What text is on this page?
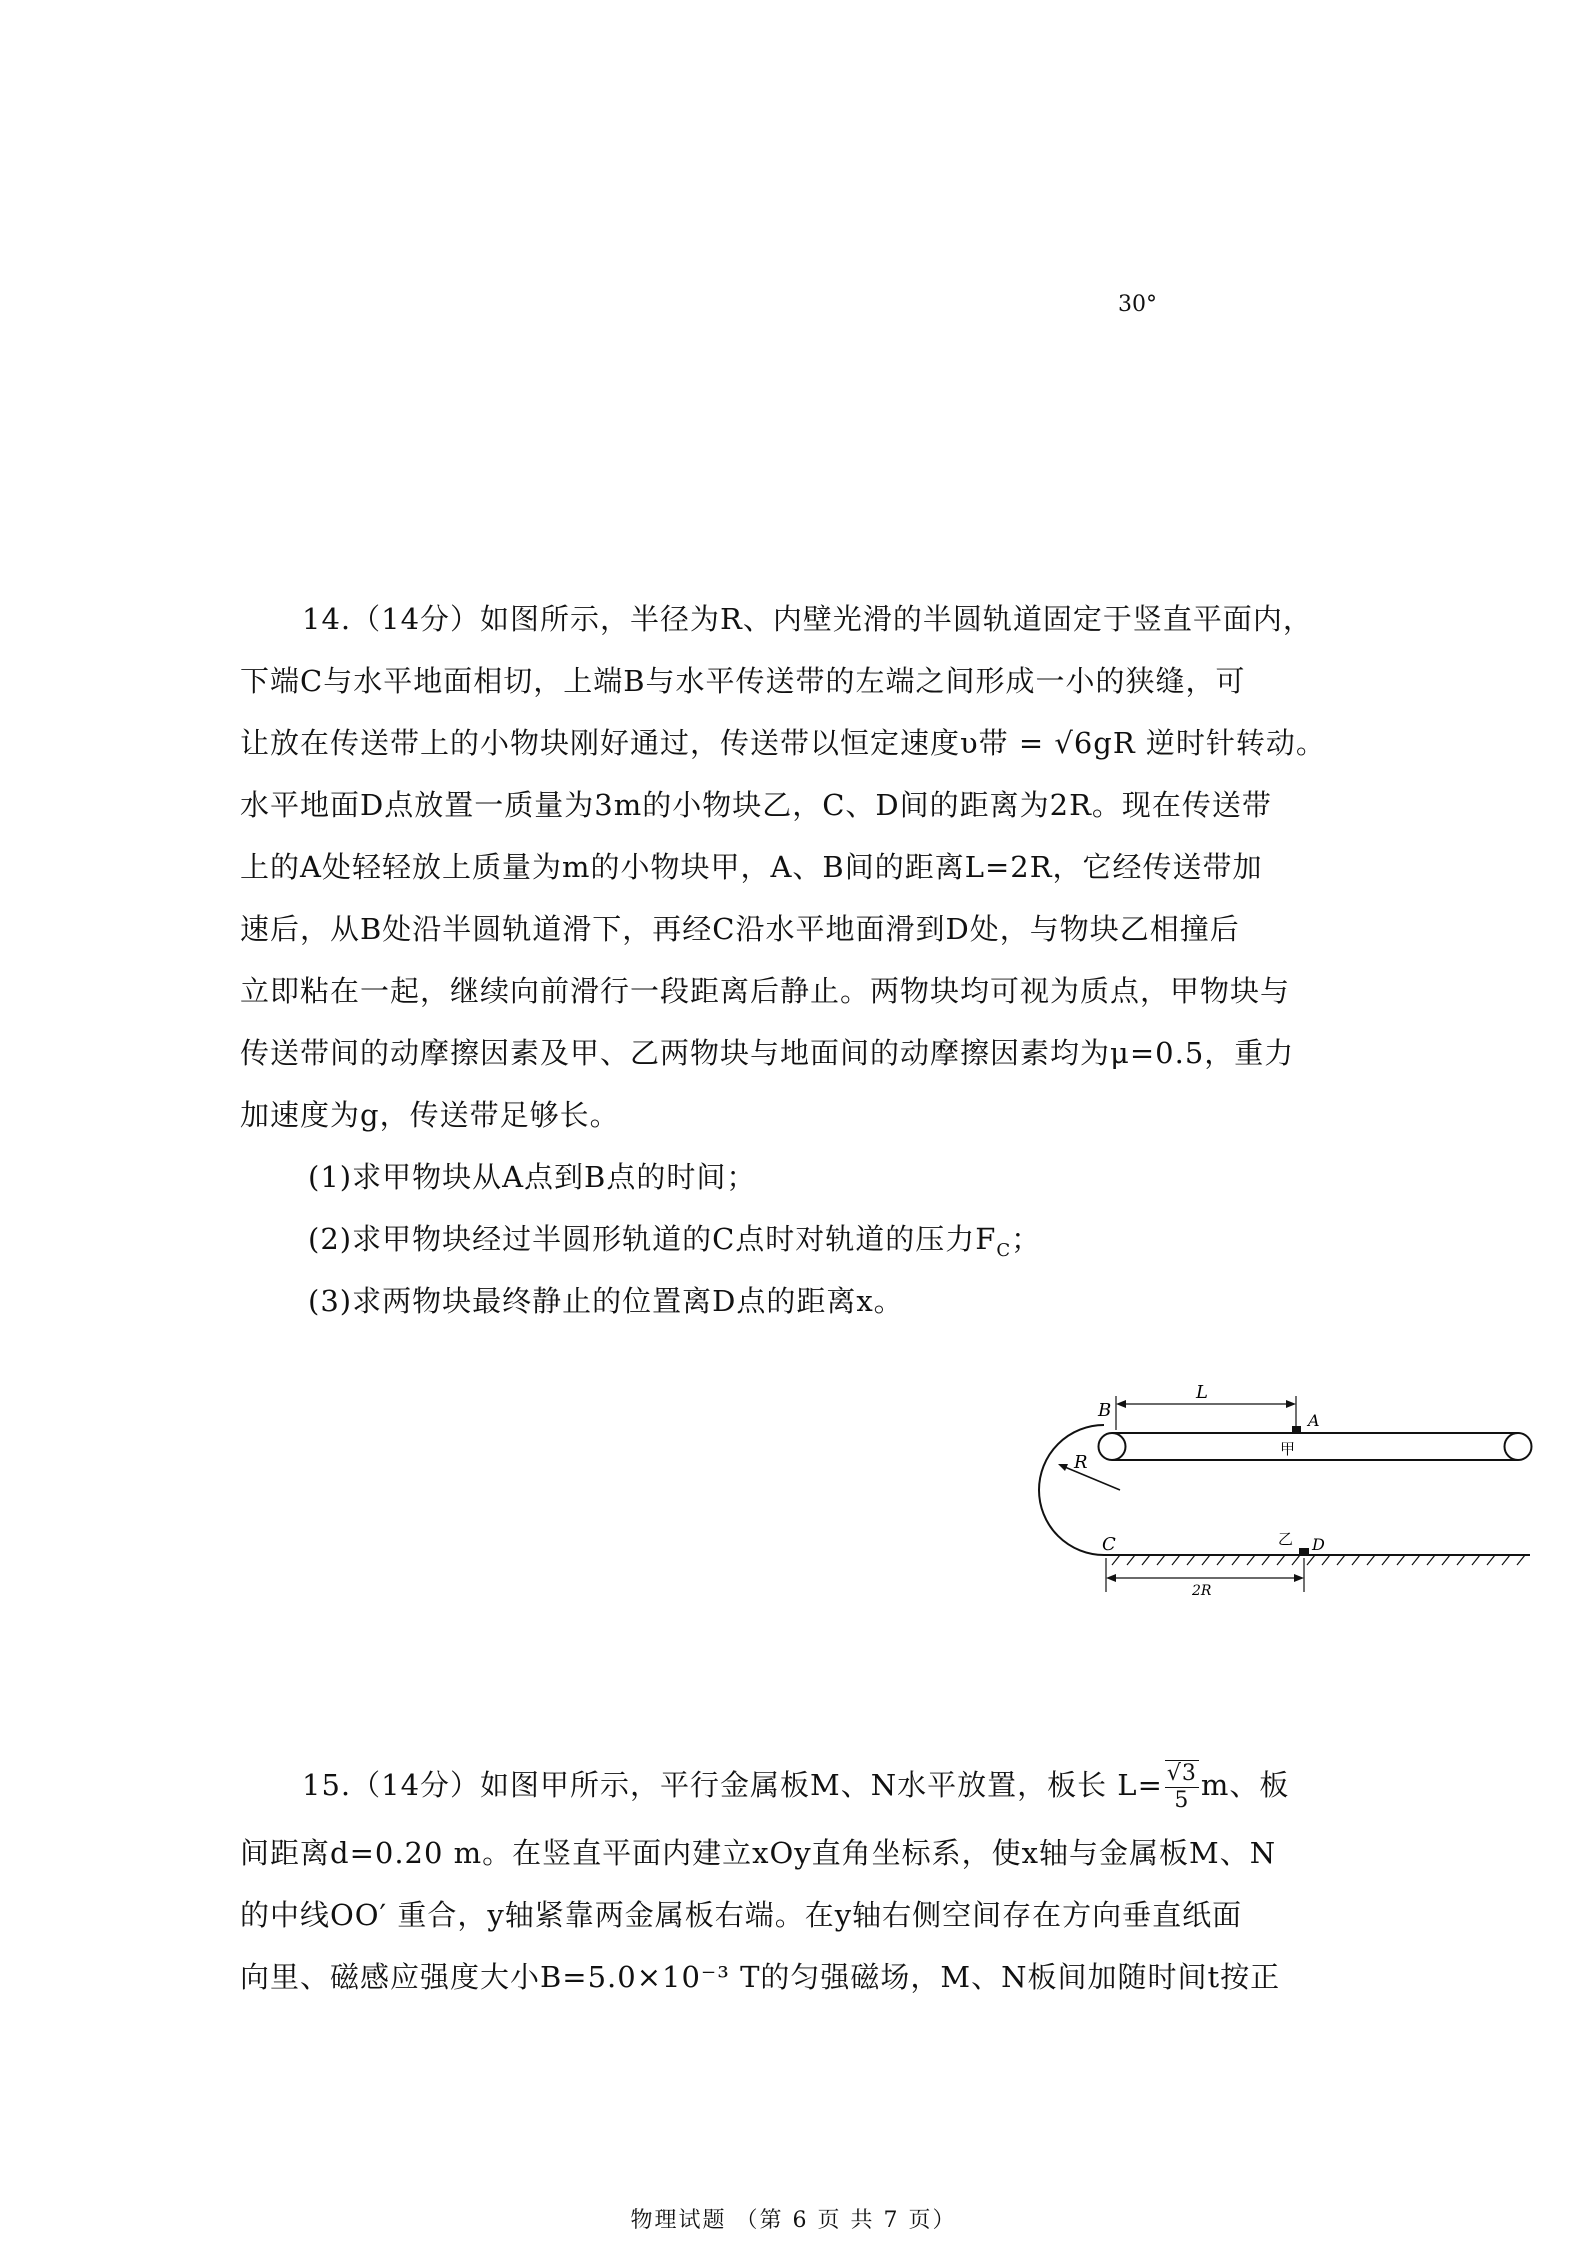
30°
14.（14分）如图所示，半径为R、内壁光滑的半圆轨道固定于竖直平面内，
下端C与水平地面相切，上端B与水平传送带的左端之间形成一小的狭缝，可
让放在传送带上的小物块刚好通过，传送带以恒定速度υ带 = √6gR 逆时针转动。
水平地面D点放置一质量为3m的小物块乙，C、D间的距离为2R。现在传送带
上的A处轻轻放上质量为m的小物块甲，A、B间的距离L=2R，它经传送带加
速后，从B处沿半圆轨道滑下，再经C沿水平地面滑到D处，与物块乙相撞后
立即粘在一起，继续向前滑行一段距离后静止。两物块均可视为质点，甲物块与
传送带间的动摩擦因素及甲、乙两物块与地面间的动摩擦因素均为μ=0.5，重力
加速度为g，传送带足够长。
(1)求甲物块从A点到B点的时间；
(2)求甲物块经过半圆形轨道的C点时对轨道的压力$F_C$；
(3)求两物块最终静止的位置离D点的距离x。
B
L
A
甲
R
C	乙 D
2R
15.（14分）如图甲所示，平行金属板M、N水平放置，板长 $L= \frac{√3}{5}$ m、板
间距离d=0.20 m。在竖直平面内建立xOy直角坐标系，使x轴与金属板M、N
的中线OO′ 重合，y轴紧靠两金属板右端。在y轴右侧空间存在方向垂直纸面
向里、磁感应强度大小B=5.0×10⁻³ T的匀强磁场，M、N板间加随时间t按正
物理试题 （第 6 页 共 7 页）
